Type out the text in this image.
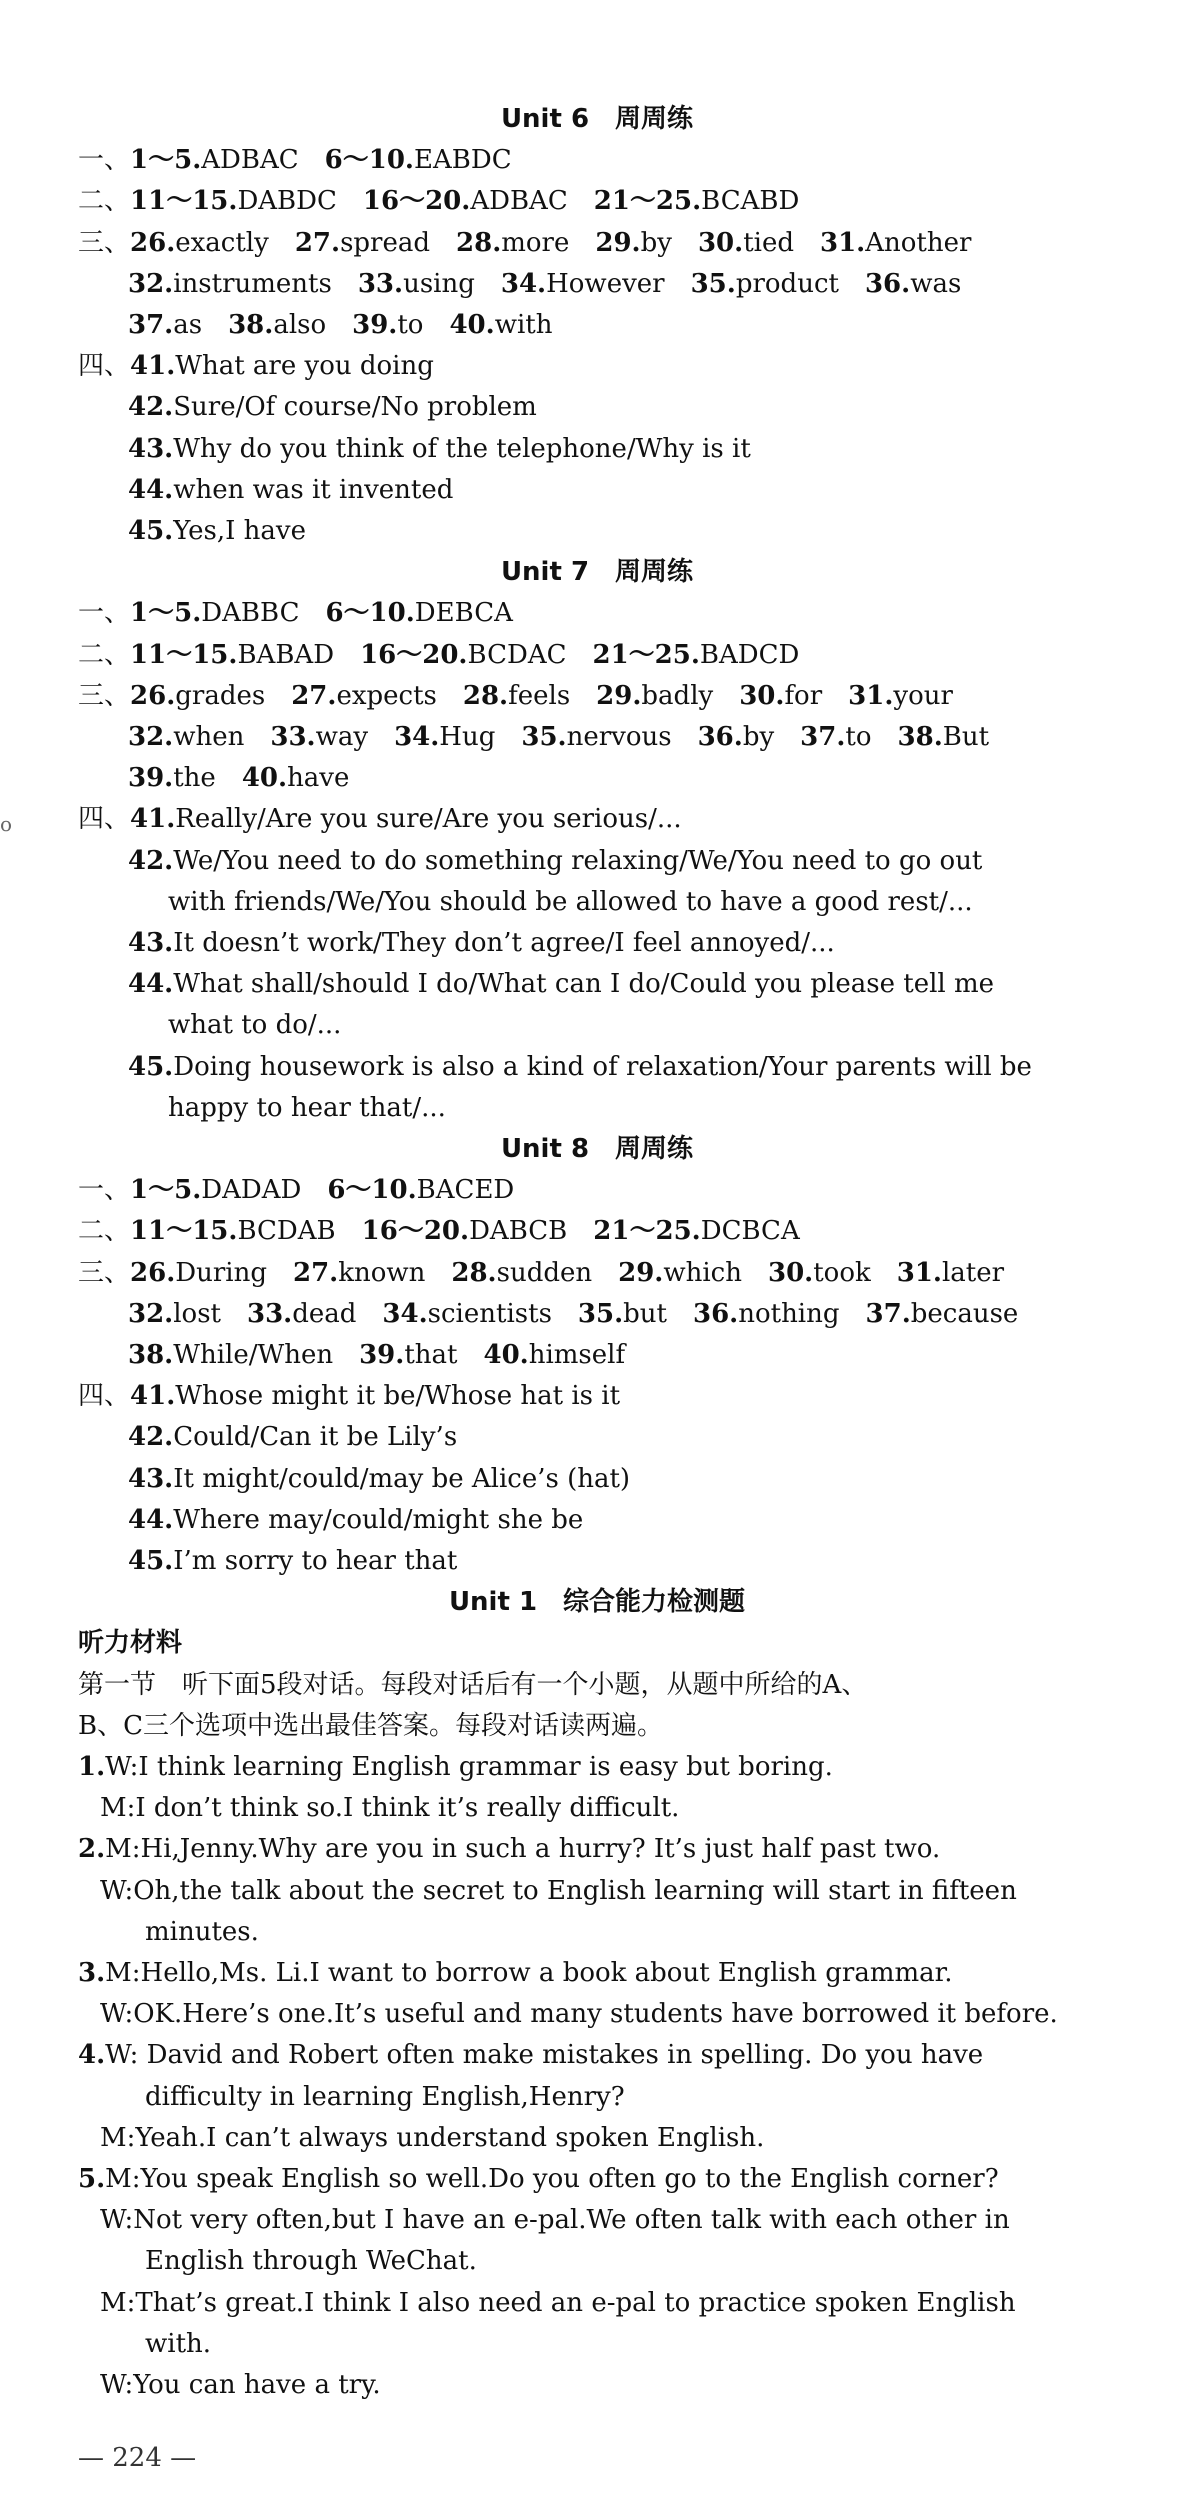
Unit 6　周周练
一、1～5.ADBAC  6～10.EABDC
二、11～15.DABDC  16～20.ADBAC  21～25.BCABD
三、26.exactly  27.spread  28.more  29.by  30.tied  31.Another
32.instruments  33.using  34.However  35.product  36.was
37.as  38.also  39.to  40.with
四、41.What are you doing
42.Sure/Of course/No problem
43.Why do you think of the telephone/Why is it
44.when was it invented
45.Yes,I have
Unit 7　周周练
一、1～5.DABBC  6～10.DEBCA
二、11～15.BABAD  16～20.BCDAC  21～25.BADCD
三、26.grades  27.expects  28.feels  29.badly  30.for  31.your
32.when  33.way  34.Hug  35.nervous  36.by  37.to  38.But
39.the  40.have
四、41.Really/Are you sure/Are you serious/...
42.We/You need to do something relaxing/We/You need to go out
with friends/We/You should be allowed to have a good rest/...
43.It doesn’t work/They don’t agree/I feel annoyed/...
44.What shall/should I do/What can I do/Could you please tell me
what to do/...
45.Doing housework is also a kind of relaxation/Your parents will be
happy to hear that/...
Unit 8　周周练
一、1～5.DADAD  6～10.BACED
二、11～15.BCDAB  16～20.DABCB  21～25.DCBCA
三、26.During  27.known  28.sudden  29.which  30.took  31.later
32.lost  33.dead  34.scientists  35.but  36.nothing  37.because
38.While/When  39.that  40.himself
四、41.Whose might it be/Whose hat is it
42.Could/Can it be Lily’s
43.It might/could/may be Alice’s (hat)
44.Where may/could/might she be
45.I’m sorry to hear that
Unit 1　综合能力检测题
听力材料
第一节　听下面5段对话。每段对话后有一个小题，从题中所给的A、
B、C三个选项中选出最佳答案。每段对话读两遍。
1.W:I think learning English grammar is easy but boring.
M:I don’t think so.I think it’s really difficult.
2.M:Hi,Jenny.Why are you in such a hurry? It’s just half past two.
W:Oh,the talk about the secret to English learning will start in fifteen
minutes.
3.M:Hello,Ms. Li.I want to borrow a book about English grammar.
W:OK.Here’s one.It’s useful and many students have borrowed it before.
4.W: David and Robert often make mistakes in spelling. Do you have
difficulty in learning English,Henry?
M:Yeah.I can’t always understand spoken English.
5.M:You speak English so well.Do you often go to the English corner?
W:Not very often,but I have an e-pal.We often talk with each other in
English through WeChat.
M:That’s great.I think I also need an e-pal to practice spoken English
with.
W:You can have a try.
o
— 224 —
